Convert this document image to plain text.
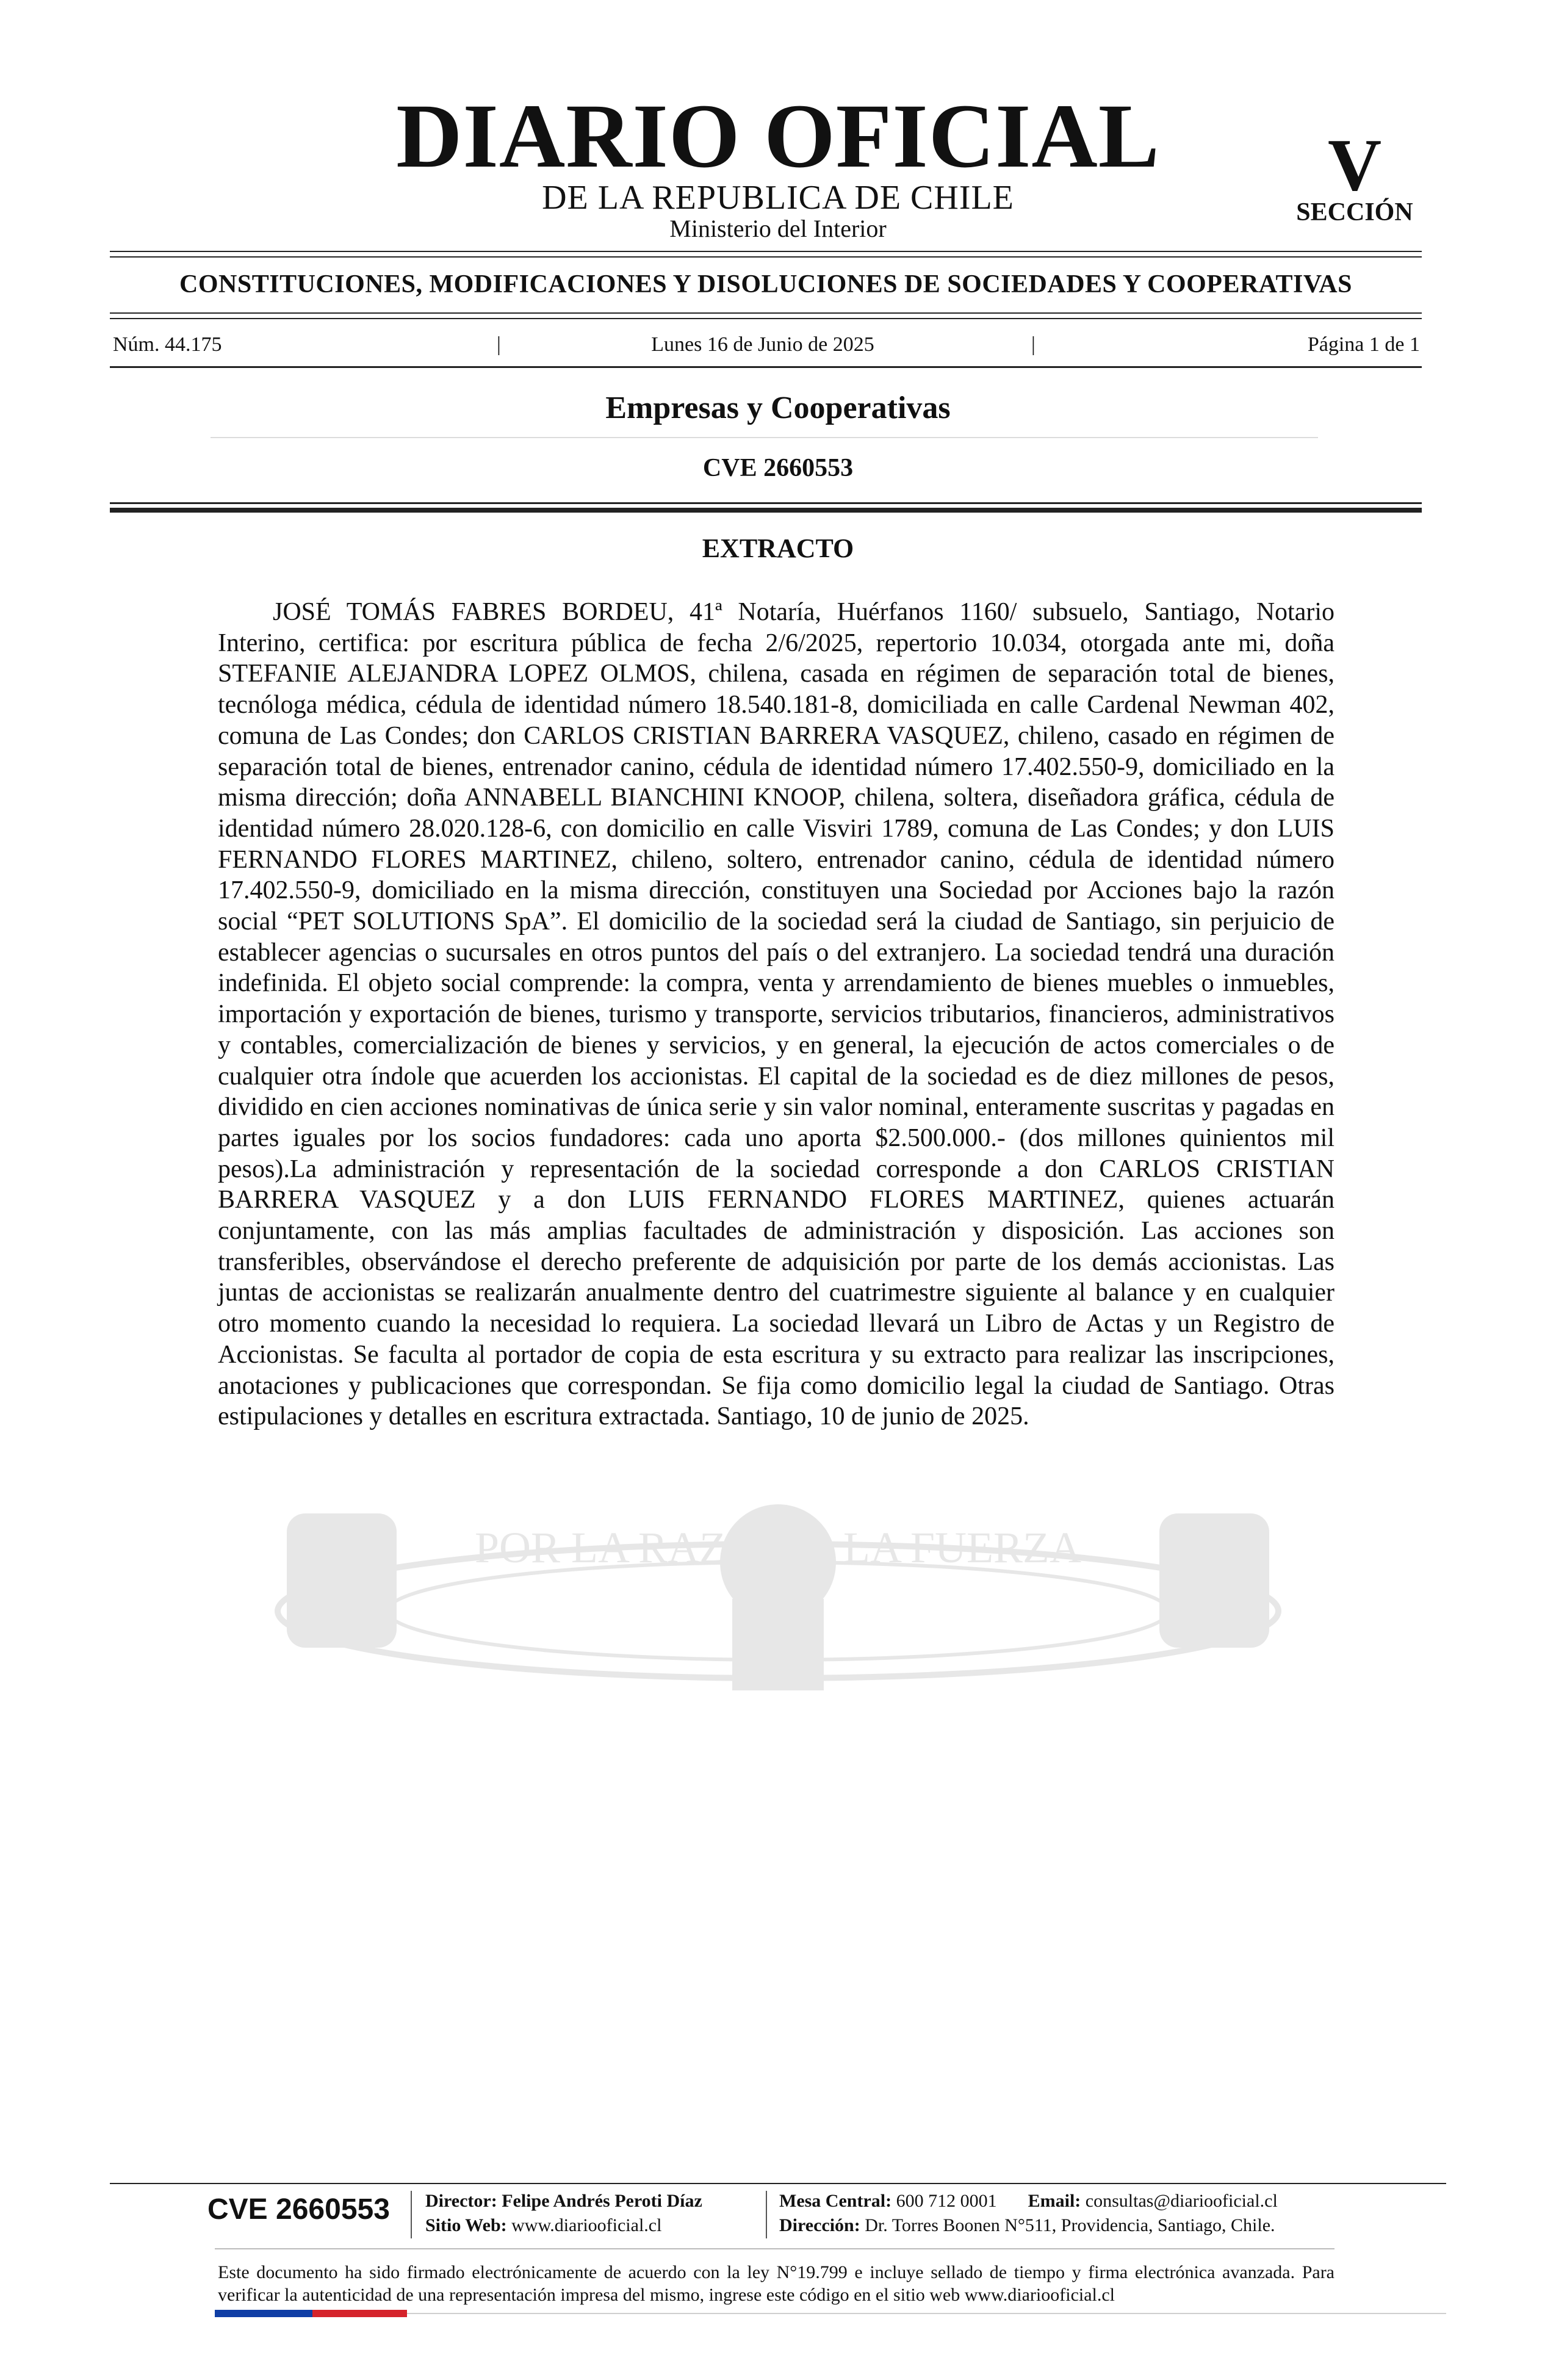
DIARIO OFICIAL
DE LA REPUBLICA DE CHILE
Ministerio del Interior
V
SECCIÓN
CONSTITUCIONES, MODIFICACIONES Y DISOLUCIONES DE SOCIEDADES Y COOPERATIVAS
Núm. 44.175	|	Lunes 16 de Junio de 2025	|	Página 1 de 1
Empresas y Cooperativas
CVE 2660553
POR LA RAZÓN O LA FUERZA
EXTRACTO

JOSÉ TOMÁS FABRES BORDEU, 41ª Notaría, Huérfanos 1160/ subsuelo, Santiago, Notario Interino, certifica: por escritura pública de fecha 2/6/2025, repertorio 10.034, otorgada ante mi, doña STEFANIE ALEJANDRA LOPEZ OLMOS, chilena, casada en régimen de separación total de bienes, tecnóloga médica, cédula de identidad número 18.540.181-8, domiciliada en calle Cardenal Newman 402, comuna de Las Condes; don CARLOS CRISTIAN BARRERA VASQUEZ, chileno, casado en régimen de separación total de bienes, entrenador canino, cédula de identidad número 17.402.550-9, domiciliado en la misma dirección; doña ANNABELL BIANCHINI KNOOP, chilena, soltera, diseñadora gráfica, cédula de identidad número 28.020.128-6, con domicilio en calle Visviri 1789, comuna de Las Condes; y don LUIS FERNANDO FLORES MARTINEZ, chileno, soltero, entrenador canino, cédula de identidad número 17.402.550-9, domiciliado en la misma dirección, constituyen una Sociedad por Acciones bajo la razón social “PET SOLUTIONS SpA”. El domicilio de la sociedad será la ciudad de Santiago, sin perjuicio de establecer agencias o sucursales en otros puntos del país o del extranjero. La sociedad tendrá una duración indefinida. El objeto social comprende: la compra, venta y arrendamiento de bienes muebles o inmuebles, importación y exportación de bienes, turismo y transporte, servicios tributarios, financieros, administrativos y contables, comercialización de bienes y servicios, y en general, la ejecución de actos comerciales o de cualquier otra índole que acuerden los accionistas. El capital de la sociedad es de diez millones de pesos, dividido en cien acciones nominativas de única serie y sin valor nominal, enteramente suscritas y pagadas en partes iguales por los socios fundadores: cada uno aporta $2.500.000.- (dos millones quinientos mil pesos).La administración y representación de la sociedad corresponde a don CARLOS CRISTIAN BARRERA VASQUEZ y a don LUIS FERNANDO FLORES MARTINEZ, quienes actuarán conjuntamente, con las más amplias facultades de administración y disposición. Las acciones son transferibles, observándose el derecho preferente de adquisición por parte de los demás accionistas. Las juntas de accionistas se realizarán anualmente dentro del cuatrimestre siguiente al balance y en cualquier otro momento cuando la necesidad lo requiera. La sociedad llevará un Libro de Actas y un Registro de Accionistas. Se faculta al portador de copia de esta escritura y su extracto para realizar las inscripciones, anotaciones y publicaciones que correspondan. Se fija como domicilio legal la ciudad de Santiago. Otras estipulaciones y detalles en escritura extractada. Santiago, 10 de junio de 2025.

CVE 2660553 Director: Felipe Andrés Peroti Díaz
Sitio Web: www.diariooficial.cl
Mesa Central: 600 712 0001 Email: consultas@diariooficial.cl
Dirección: Dr. Torres Boonen N°511, Providencia, Santiago, Chile.

Este documento ha sido firmado electrónicamente de acuerdo con la ley N°19.799 e incluye sellado de tiempo y firma electrónica avanzada. Para verificar la autenticidad de una representación impresa del mismo, ingrese este código en el sitio web www.diariooficial.cl
